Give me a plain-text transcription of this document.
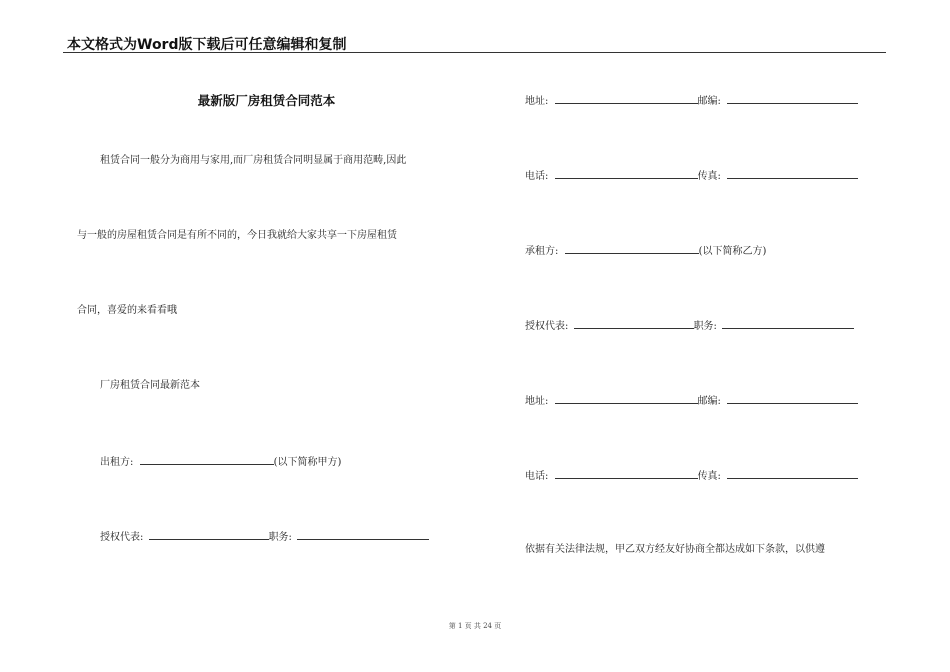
本文格式为Word版下载后可任意编辑和复制
最新版厂房租赁合同范本
租赁合同一般分为商用与家用,而厂房租赁合同明显属于商用范畴,因此
与一般的房屋租赁合同是有所不同的，今日我就给大家共享一下房屋租赁
合同，喜爱的来看看哦
厂房租赁合同最新范本
出租方:	(以下简称甲方)
授权代表:	职务:
地址:	邮编:
电话:	传真:
承租方:	(以下简称乙方)
授权代表:	职务:
地址:	邮编:
电话:	传真:
依据有关法律法规，甲乙双方经友好协商全都达成如下条款，以供遵
第 1 页 共 24 页
